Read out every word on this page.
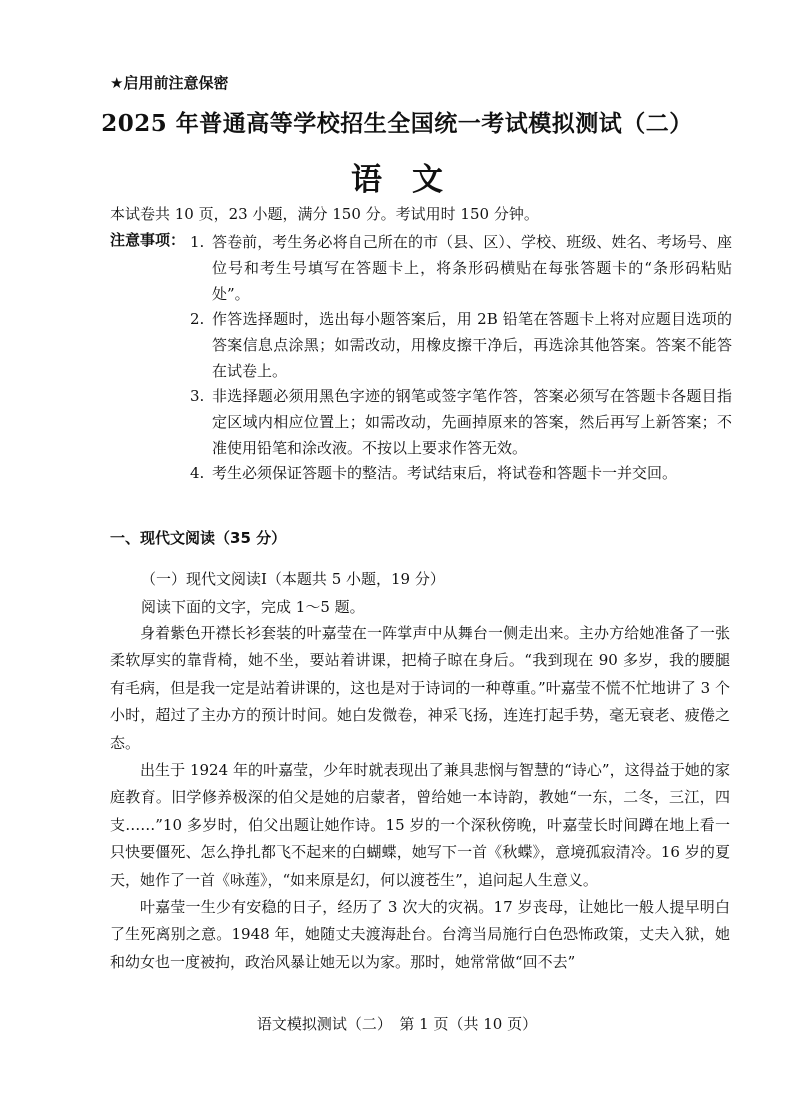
★启用前注意保密
2025 年普通高等学校招生全国统一考试模拟测试（二）
语文
本试卷共 10 页，23 小题，满分 150 分。考试用时 150 分钟。
注意事项： 1. 答卷前，考生务必将自己所在的市（县、区）、学校、班级、姓名、考场号、座位号和考生号填写在答题卡上，将条形码横贴在每张答题卡的“条形码粘贴处”。
2. 作答选择题时，选出每小题答案后，用 2B 铅笔在答题卡上将对应题目选项的答案信息点涂黑；如需改动，用橡皮擦干净后，再选涂其他答案。答案不能答在试卷上。
3. 非选择题必须用黑色字迹的钢笔或签字笔作答，答案必须写在答题卡各题目指定区域内相应位置上；如需改动，先画掉原来的答案，然后再写上新答案；不准使用铅笔和涂改液。不按以上要求作答无效。
4. 考生必须保证答题卡的整洁。考试结束后，将试卷和答题卡一并交回。
一、现代文阅读（35 分）
（一）现代文阅读Ⅰ（本题共 5 小题，19 分）
阅读下面的文字，完成 1～5 题。

身着紫色开襟长衫套装的叶嘉莹在一阵掌声中从舞台一侧走出来。主办方给她准备了一张柔软厚实的靠背椅，她不坐，要站着讲课，把椅子晾在身后。“我到现在 90 多岁，我的腰腿有毛病，但是我一定是站着讲课的，这也是对于诗词的一种尊重。”叶嘉莹不慌不忙地讲了 3 个小时，超过了主办方的预计时间。她白发微卷，神采飞扬，连连打起手势，毫无衰老、疲倦之态。

出生于 1924 年的叶嘉莹，少年时就表现出了兼具悲悯与智慧的“诗心”，这得益于她的家庭教育。旧学修养极深的伯父是她的启蒙者，曾给她一本诗韵，教她“一东，二冬，三江，四支……”10 多岁时，伯父出题让她作诗。15 岁的一个深秋傍晚，叶嘉莹长时间蹲在地上看一只快要僵死、怎么挣扎都飞不起来的白蝴蝶，她写下一首《秋蝶》，意境孤寂清冷。16 岁的夏天，她作了一首《咏莲》，“如来原是幻，何以渡苍生”，追问起人生意义。

叶嘉莹一生少有安稳的日子，经历了 3 次大的灾祸。17 岁丧母，让她比一般人提早明白了生死离别之意。1948 年，她随丈夫渡海赴台。台湾当局施行白色恐怖政策，丈夫入狱，她和幼女也一度被拘，政治风暴让她无以为家。那时，她常常做“回不去”

语文模拟测试（二）　第 1 页（共 10 页）
